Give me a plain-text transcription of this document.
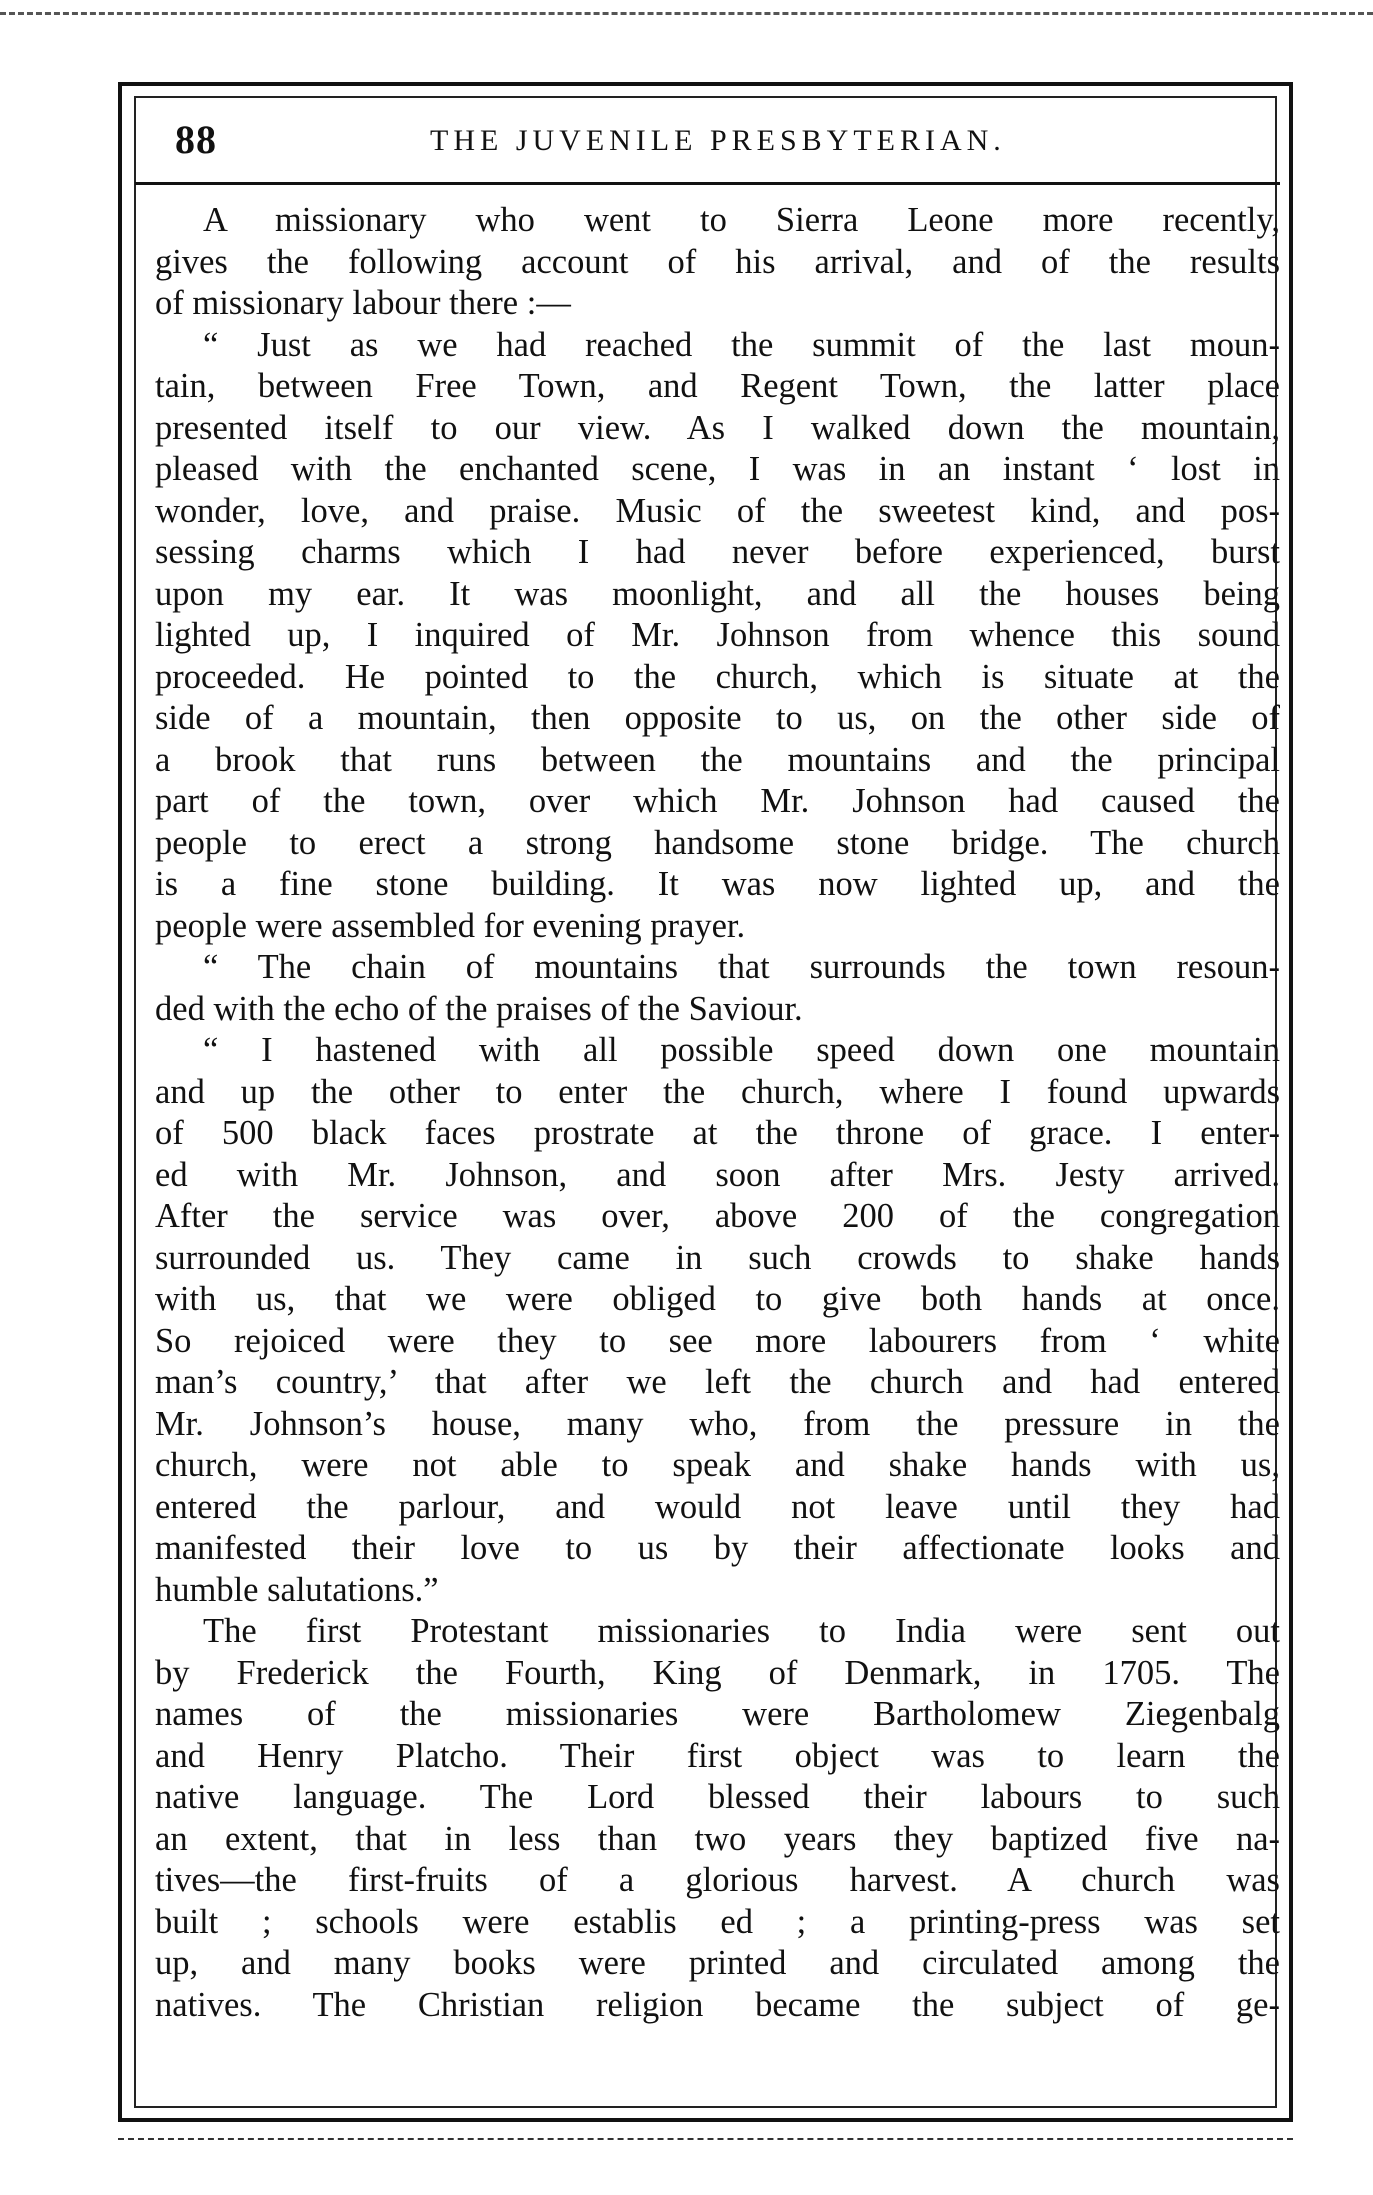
88	THE JUVENILE PRESBYTERIAN.
A missionary who went to Sierra Leone more recently,
gives the following account of his arrival, and of the results
of missionary labour there :—
“ Just as we had reached the summit of the last moun-
tain, between Free Town, and Regent Town, the latter place
presented itself to our view. As I walked down the mountain,
pleased with the enchanted scene, I was in an instant ‘ lost in
wonder, love, and praise. Music of the sweetest kind, and pos-
sessing charms which I had never before experienced, burst
upon my ear. It was moonlight, and all the houses being
lighted up, I inquired of Mr. Johnson from whence this sound
proceeded. He pointed to the church, which is situate at the
side of a mountain, then opposite to us, on the other side of
a brook that runs between the mountains and the principal
part of the town, over which Mr. Johnson had caused the
people to erect a strong handsome stone bridge. The church
is a fine stone building. It was now lighted up, and the
people were assembled for evening prayer.
“ The chain of mountains that surrounds the town resoun-
ded with the echo of the praises of the Saviour.
“ I hastened with all possible speed down one mountain
and up the other to enter the church, where I found upwards
of 500 black faces prostrate at the throne of grace. I enter-
ed with Mr. Johnson, and soon after Mrs. Jesty arrived.
After the service was over, above 200 of the congregation
surrounded us. They came in such crowds to shake hands
with us, that we were obliged to give both hands at once.
So rejoiced were they to see more labourers from ‘ white
man’s country,’ that after we left the church and had entered
Mr. Johnson’s house, many who, from the pressure in the
church, were not able to speak and shake hands with us,
entered the parlour, and would not leave until they had
manifested their love to us by their affectionate looks and
humble salutations.”
The first Protestant missionaries to India were sent out
by Frederick the Fourth, King of Denmark, in 1705. The
names of the missionaries were Bartholomew Ziegenbalg
and Henry Platcho. Their first object was to learn the
native language. The Lord blessed their labours to such
an extent, that in less than two years they baptized five na-
tives—the first-fruits of a glorious harvest. A church was
built ; schools were establis ed ; a printing-press was set
up, and many books were printed and circulated among the
natives. The Christian religion became the subject of ge-
